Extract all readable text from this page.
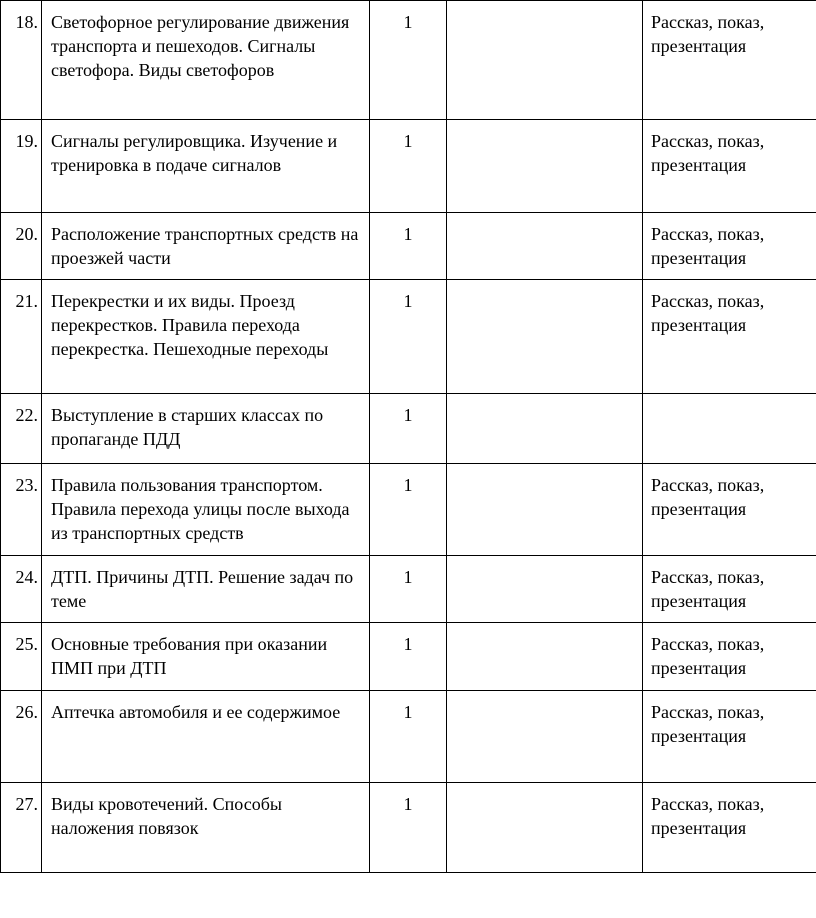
18.	Светофорное регулирование движения транспорта и пешеходов. Сигналы светофора. Виды светофоров	1		Рассказ, показ, презентация
19.	Сигналы регулировщика. Изучение и тренировка в подаче сигналов	1		Рассказ, показ, презентация
20.	Расположение транспортных средств на проезжей части	1		Рассказ, показ, презентация
21.	Перекрестки и их виды. Проезд перекрестков. Правила перехода перекрестка. Пешеходные переходы	1		Рассказ, показ, презентация
22.	Выступление в старших классах по пропаганде ПДД	1		
23.	Правила пользования транспортом. Правила перехода улицы после выхода из транспортных средств	1		Рассказ, показ, презентация
24.	ДТП. Причины ДТП. Решение задач по теме	1		Рассказ, показ, презентация
25.	Основные требования при оказании ПМП при ДТП	1		Рассказ, показ, презентация
26.	Аптечка автомобиля и ее содержимое	1		Рассказ, показ, презентация
27.	Виды кровотечений. Способы наложения повязок	1		Рассказ, показ, презентация
